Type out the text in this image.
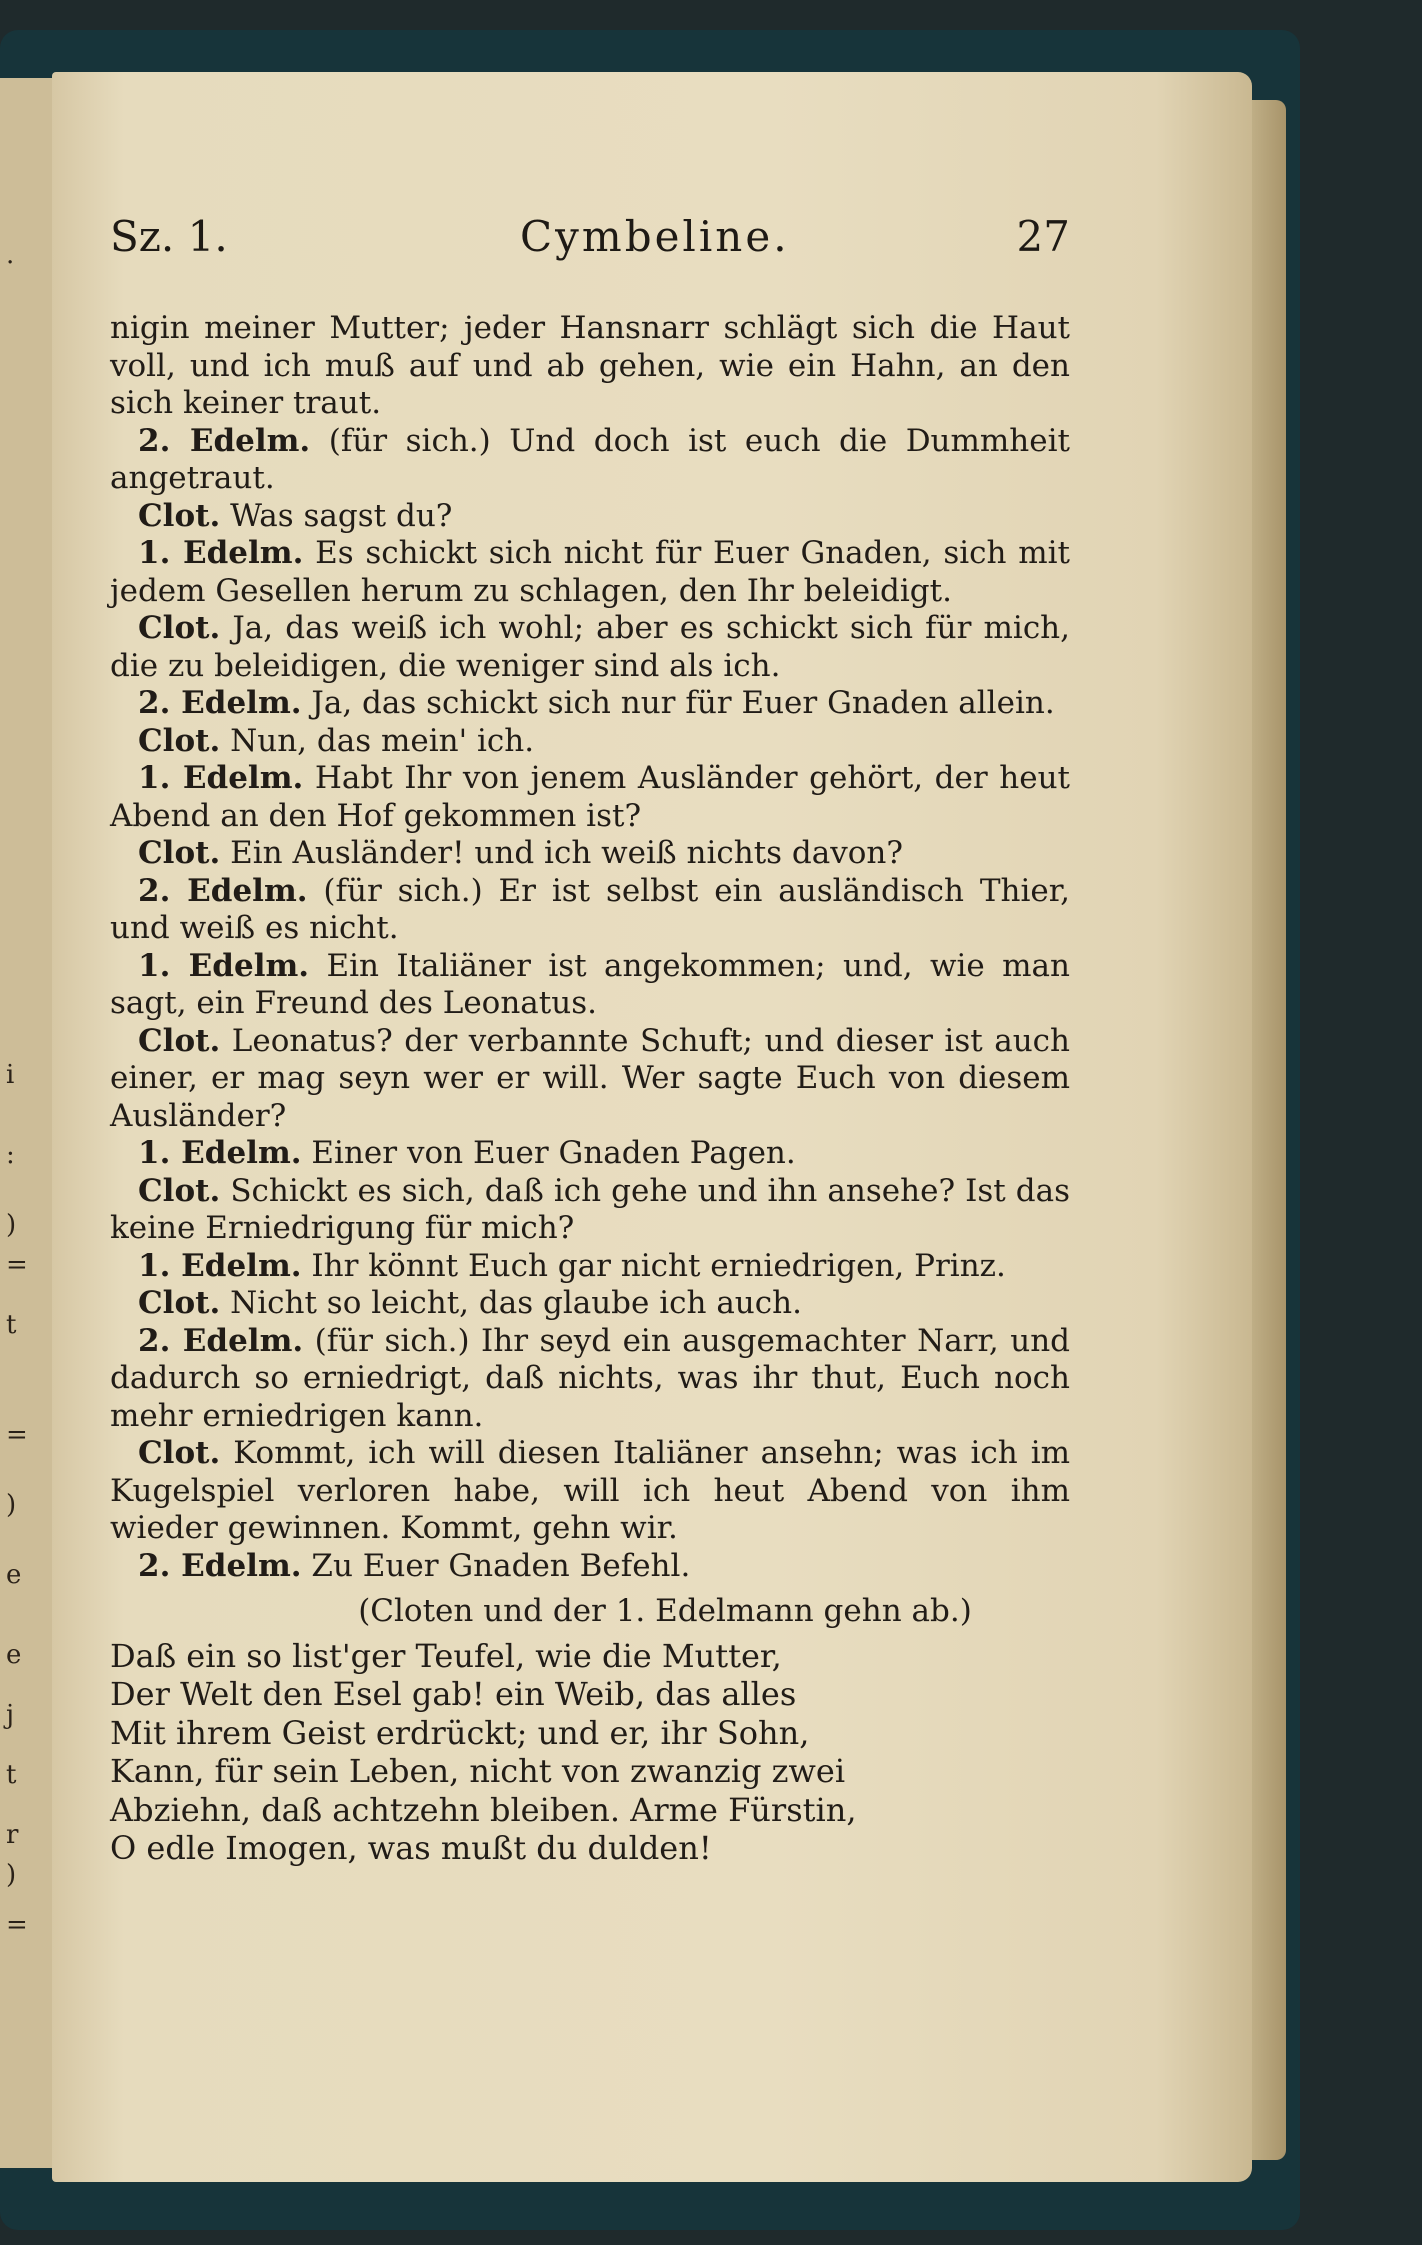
.
i
:
)
=
t
=
)
e
e
j
t
r
)
=
Sz. 1.	Cymbeline.	27

nigin meiner Mutter; jeder Hansnarr schlägt sich die Haut voll, und ich muß auf und ab gehen, wie ein Hahn, an den sich keiner traut.

2. Edelm. (für sich.) Und doch ist euch die Dummheit angetraut.

Clot. Was sagst du?

1. Edelm. Es schickt sich nicht für Euer Gnaden, sich mit jedem Gesellen herum zu schlagen, den Ihr beleidigt.

Clot. Ja, das weiß ich wohl; aber es schickt sich für mich, die zu beleidigen, die weniger sind als ich.

2. Edelm. Ja, das schickt sich nur für Euer Gnaden allein.

Clot. Nun, das mein' ich.

1. Edelm. Habt Ihr von jenem Ausländer gehört, der heut Abend an den Hof gekommen ist?

Clot. Ein Ausländer! und ich weiß nichts davon?

2. Edelm. (für sich.) Er ist selbst ein ausländisch Thier, und weiß es nicht.

1. Edelm. Ein Italiäner ist angekommen; und, wie man sagt, ein Freund des Leonatus.

Clot. Leonatus? der verbannte Schuft; und dieser ist auch einer, er mag seyn wer er will. Wer sagte Euch von diesem Ausländer?

1. Edelm. Einer von Euer Gnaden Pagen.

Clot. Schickt es sich, daß ich gehe und ihn ansehe? Ist das keine Erniedrigung für mich?

1. Edelm. Ihr könnt Euch gar nicht erniedrigen, Prinz.

Clot. Nicht so leicht, das glaube ich auch.

2. Edelm. (für sich.) Ihr seyd ein ausgemachter Narr, und dadurch so erniedrigt, daß nichts, was ihr thut, Euch noch mehr erniedrigen kann.

Clot. Kommt, ich will diesen Italiäner ansehn; was ich im Kugelspiel verloren habe, will ich heut Abend von ihm wieder gewinnen. Kommt, gehn wir.

2. Edelm. Zu Euer Gnaden Befehl.

(Cloten und der 1. Edelmann gehn ab.)

Daß ein so list'ger Teufel, wie die Mutter,

Der Welt den Esel gab! ein Weib, das alles

Mit ihrem Geist erdrückt; und er, ihr Sohn,

Kann, für sein Leben, nicht von zwanzig zwei

Abziehn, daß achtzehn bleiben. Arme Fürstin,

O edle Imogen, was mußt du dulden!
